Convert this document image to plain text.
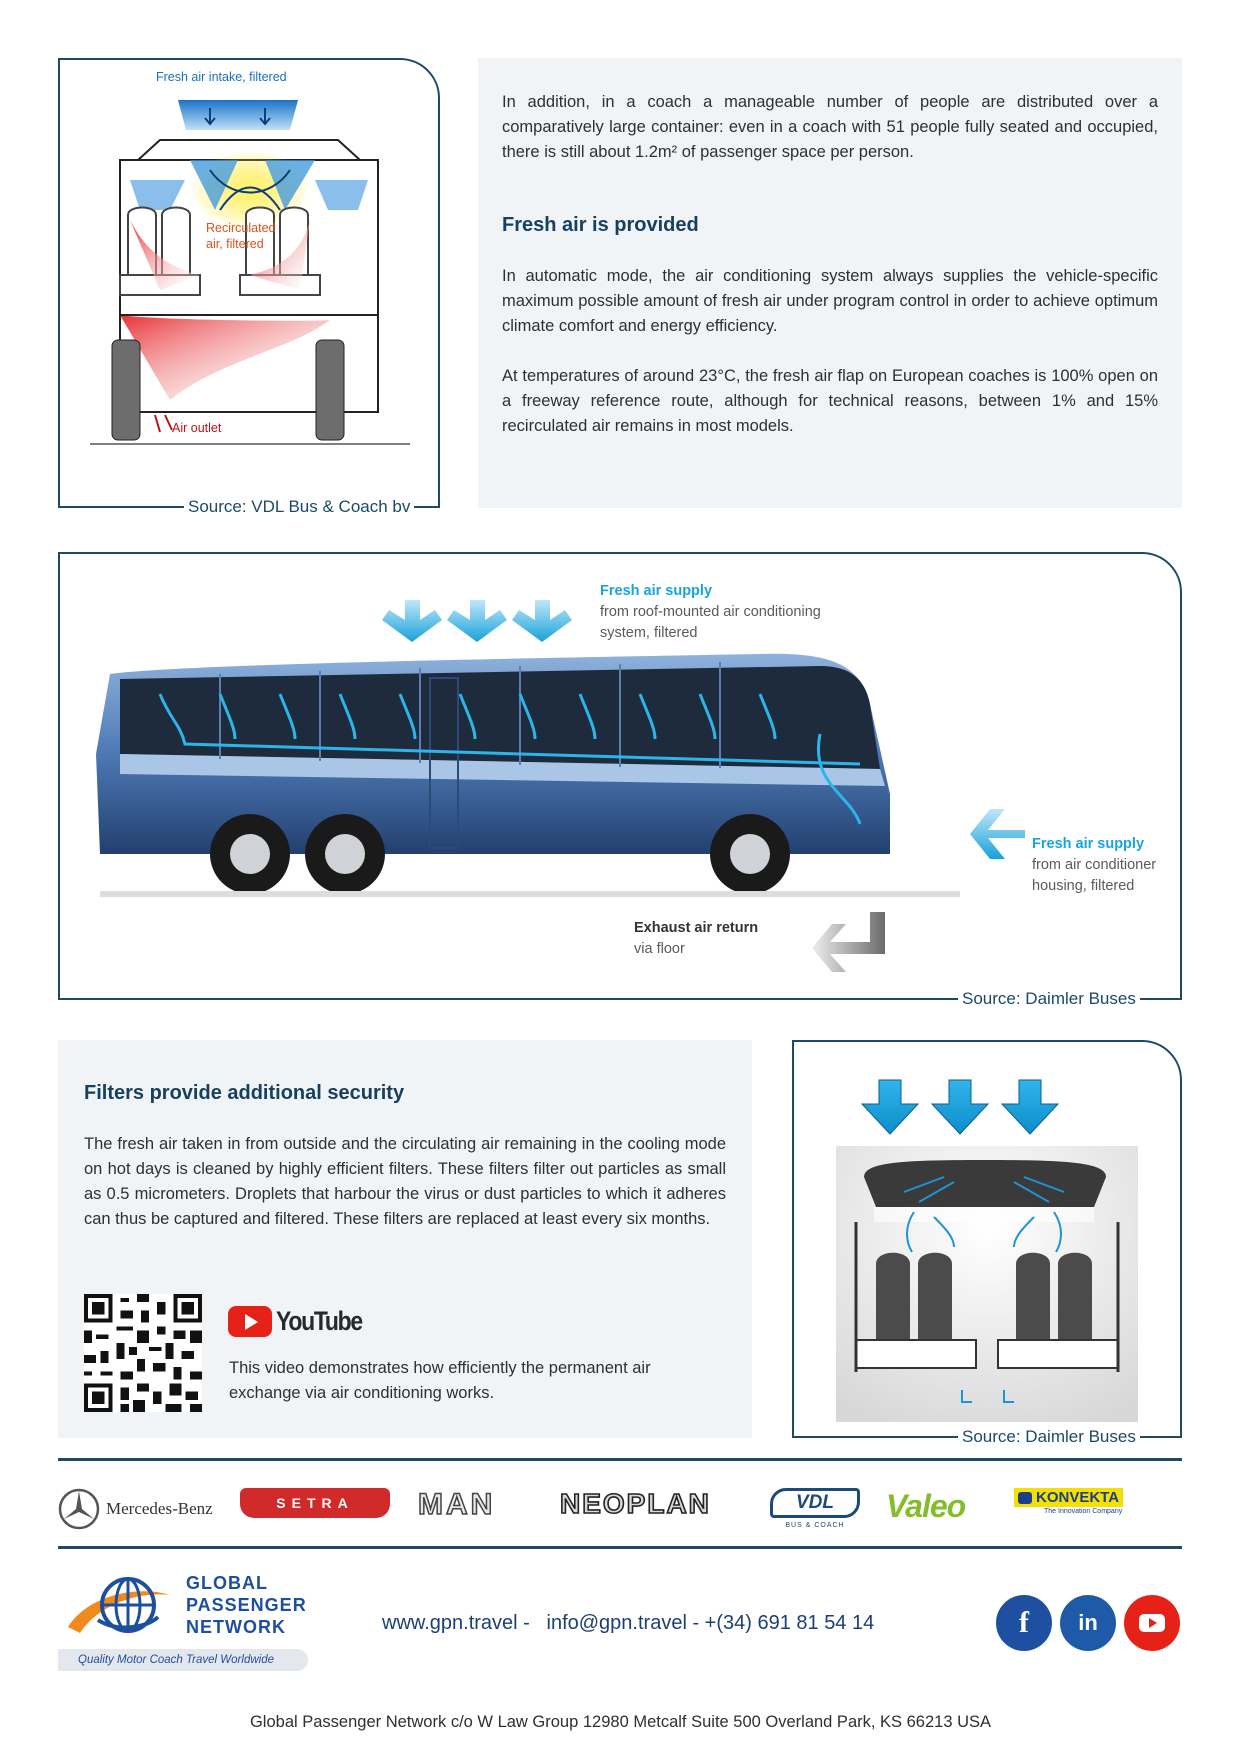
Fresh air intake, filtered
Recirculated air, filtered
Air outlet
Source: VDL Bus & Coach bv

In addition, in a coach a manageable number of people are distributed over a comparatively large container: even in a coach with 51 people fully seated and occupied, there is still about 1.2m² of passenger space per person.

Fresh air is provided

In automatic mode, the air conditioning system always supplies the vehicle-specific maximum possible amount of fresh air under program control in order to achieve optimum climate comfort and energy efficiency.

At temperatures of around 23°C, the fresh air flap on European coaches is 100% open on a freeway reference route, although for technical reasons, between 1% and 15% recirculated air remains in most models.

Fresh air supply
from roof-mounted air conditioning
system, filtered
Fresh air supply
from air conditioner
housing, filtered
Exhaust air return
via floor
Source: Daimler Buses
Filters provide additional security

The fresh air taken in from outside and the circulating air remaining in the cooling mode on hot days is cleaned by highly efficient filters. These filters filter out particles as small as 0.5 micrometers. Droplets that harbour the virus or dust particles to which it adheres can thus be captured and filtered. These filters are replaced at least every six months.

YouTube

This video demonstrates how efficiently the permanent air exchange via air conditioning works.

Source: Daimler Buses
Mercedes-Benz	SETRA MAN NEOPLAN	VDL
BUS & COACH
Valeo	KONVEKTA
The Innovation Company
GLOBAL
PASSENGER
NETWORK
Quality Motor Coach Travel Worldwide
www.gpn.travel -   info@gpn.travel - +(34) 691 81 54 14	f	in
Global Passenger Network c/o W Law Group 12980 Metcalf Suite 500 Overland Park, KS 66213 USA
